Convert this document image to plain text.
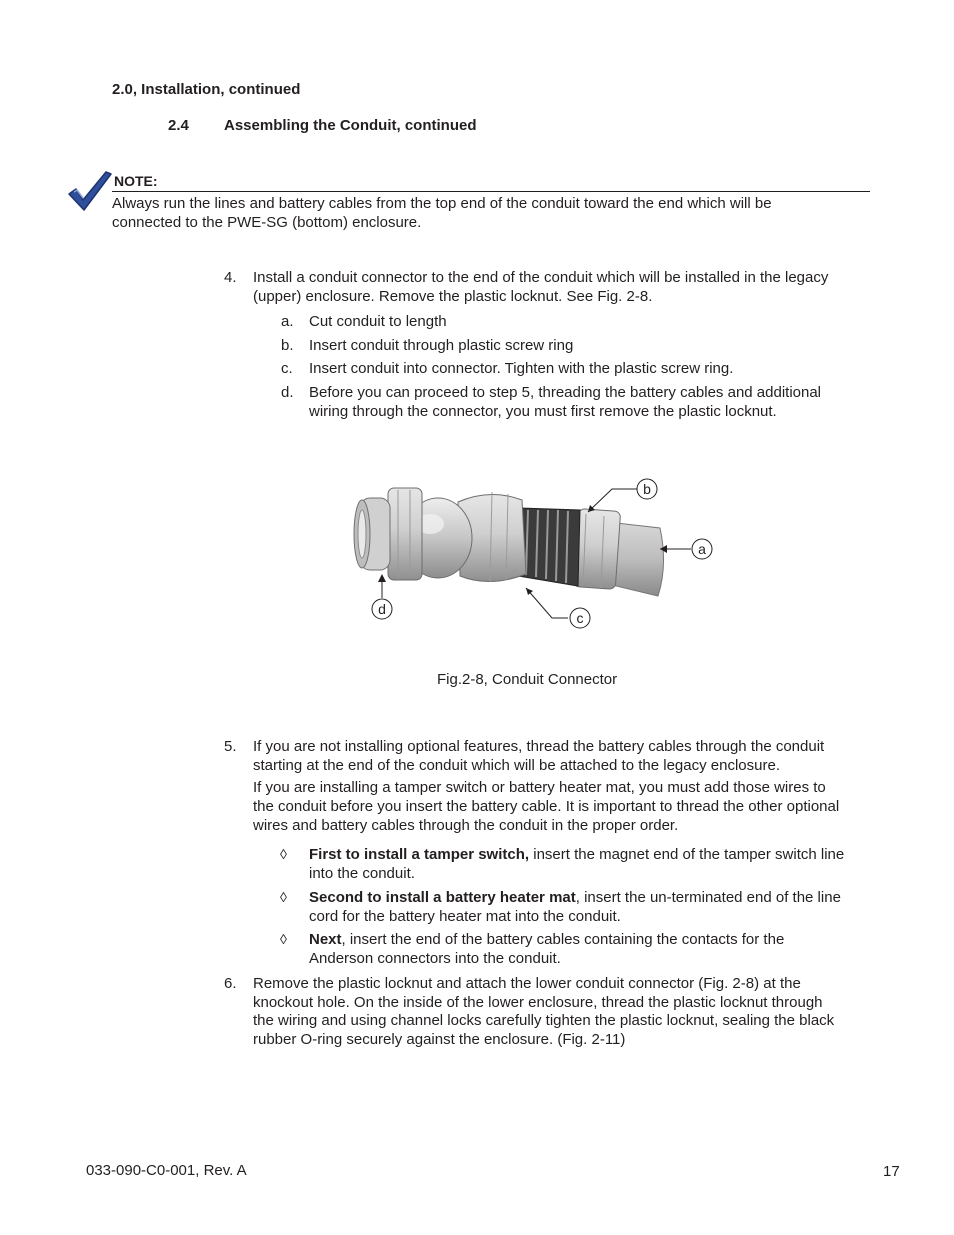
2.0, Installation, continued
2.4 Assembling the Conduit, continued
NOTE:
Always run the lines and battery cables from the top end of the conduit toward the end which will be
connected to the PWE-SG (bottom) enclosure.
4.	Install a conduit connector to the end of the conduit which will be installed in the legacy
(upper) enclosure. Remove the plastic locknut. See Fig. 2-8.
a.	Cut conduit to length
b.	Insert conduit through plastic screw ring
c.	Insert conduit into connector. Tighten with the plastic screw ring.
d.	Before you can proceed to step 5, threading the battery cables and additional
wiring through the connector, you must first remove the plastic locknut.
b
a
c
d
Fig.2-8, Conduit Connector
5.	If you are not installing optional features, thread the battery cables through the conduit
starting at the end of the conduit which will be attached to the legacy enclosure.
If you are installing a tamper switch or battery heater mat, you must add those wires to
the conduit before you insert the battery cable. It is important to thread the other optional
wires and battery cables through the conduit in the proper order.
◊ First to install a tamper switch, insert the magnet end of the tamper switch line
into the conduit.
◊ Second to install a battery heater mat, insert the un-terminated end of the line
cord for the battery heater mat into the conduit.
◊ Next, insert the end of the battery cables containing the contacts for the
Anderson connectors into the conduit.
6.	Remove the plastic locknut and attach the lower conduit connector (Fig. 2-8) at the
knockout hole. On the inside of the lower enclosure, thread the plastic locknut through
the wiring and using channel locks carefully tighten the plastic locknut, sealing the black
rubber O-ring securely against the enclosure. (Fig. 2-11)
033-090-C0-001, Rev. A	17
